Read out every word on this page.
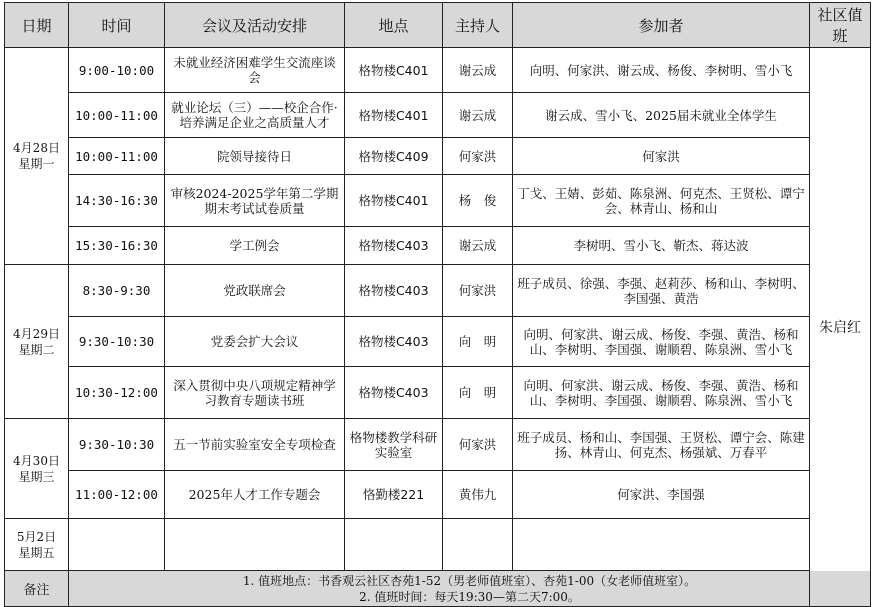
日期	时间	会议及活动安排	地点	主持人	参加者	社区值班	

4月28日
星期一	9:00-10:00	未就业经济困难学生交流座谈会	格物楼C401	谢云成	向明、何家洪、谢云成、杨俊、李树明、雪小飞	朱启红	
	10:00-11:00	就业论坛（三）——校企合作·培养满足企业之高质量人才	格物楼C401	谢云成	谢云成、雪小飞、2025届未就业全体学生		
	10:00-11:00	院领导接待日	格物楼C409	何家洪	何家洪		
	14:30-16:30	审核2024-2025学年第二学期期末考试试卷质量	格物楼C401	杨　俊	丁戈、王婧、彭茹、陈泉洲、何克杰、王贤松、谭宁会、林青山、杨和山		
	15:30-16:30	学工例会	格物楼C403	谢云成	李树明、雪小飞、靳杰、蒋达波		

4月29日
星期二	8:30-9:30	党政联席会	格物楼C403	何家洪	班子成员、徐强、李强、赵莉莎、杨和山、李树明、李国强、黄浩		
	9:30-10:30	党委会扩大会议	格物楼C403	向　明	向明、何家洪、谢云成、杨俊、李强、黄浩、杨和山、李树明、李国强、谢顺碧、陈泉洲、雪小飞		
	10:30-12:00	深入贯彻中央八项规定精神学习教育专题读书班	格物楼C403	向　明	向明、何家洪、谢云成、杨俊、李强、黄浩、杨和山、李树明、李国强、谢顺碧、陈泉洲、雪小飞		

4月30日
星期三	9:30-10:30	五一节前实验室安全专项检查	格物楼教学科研实验室	何家洪	班子成员、杨和山、李国强、王贤松、谭宁会、陈建扬、林青山、何克杰、杨强斌、万春平		
	11:00-12:00	2025年人才工作专题会	恪勤楼221	黄伟九	何家洪、李国强		

5月2日
星期五

备注	1. 值班地点：书香观云社区杏苑1-52（男老师值班室）、杏苑1-00（女老师值班室）。
2. 值班时间：每天19:30—第二天7:00。						
